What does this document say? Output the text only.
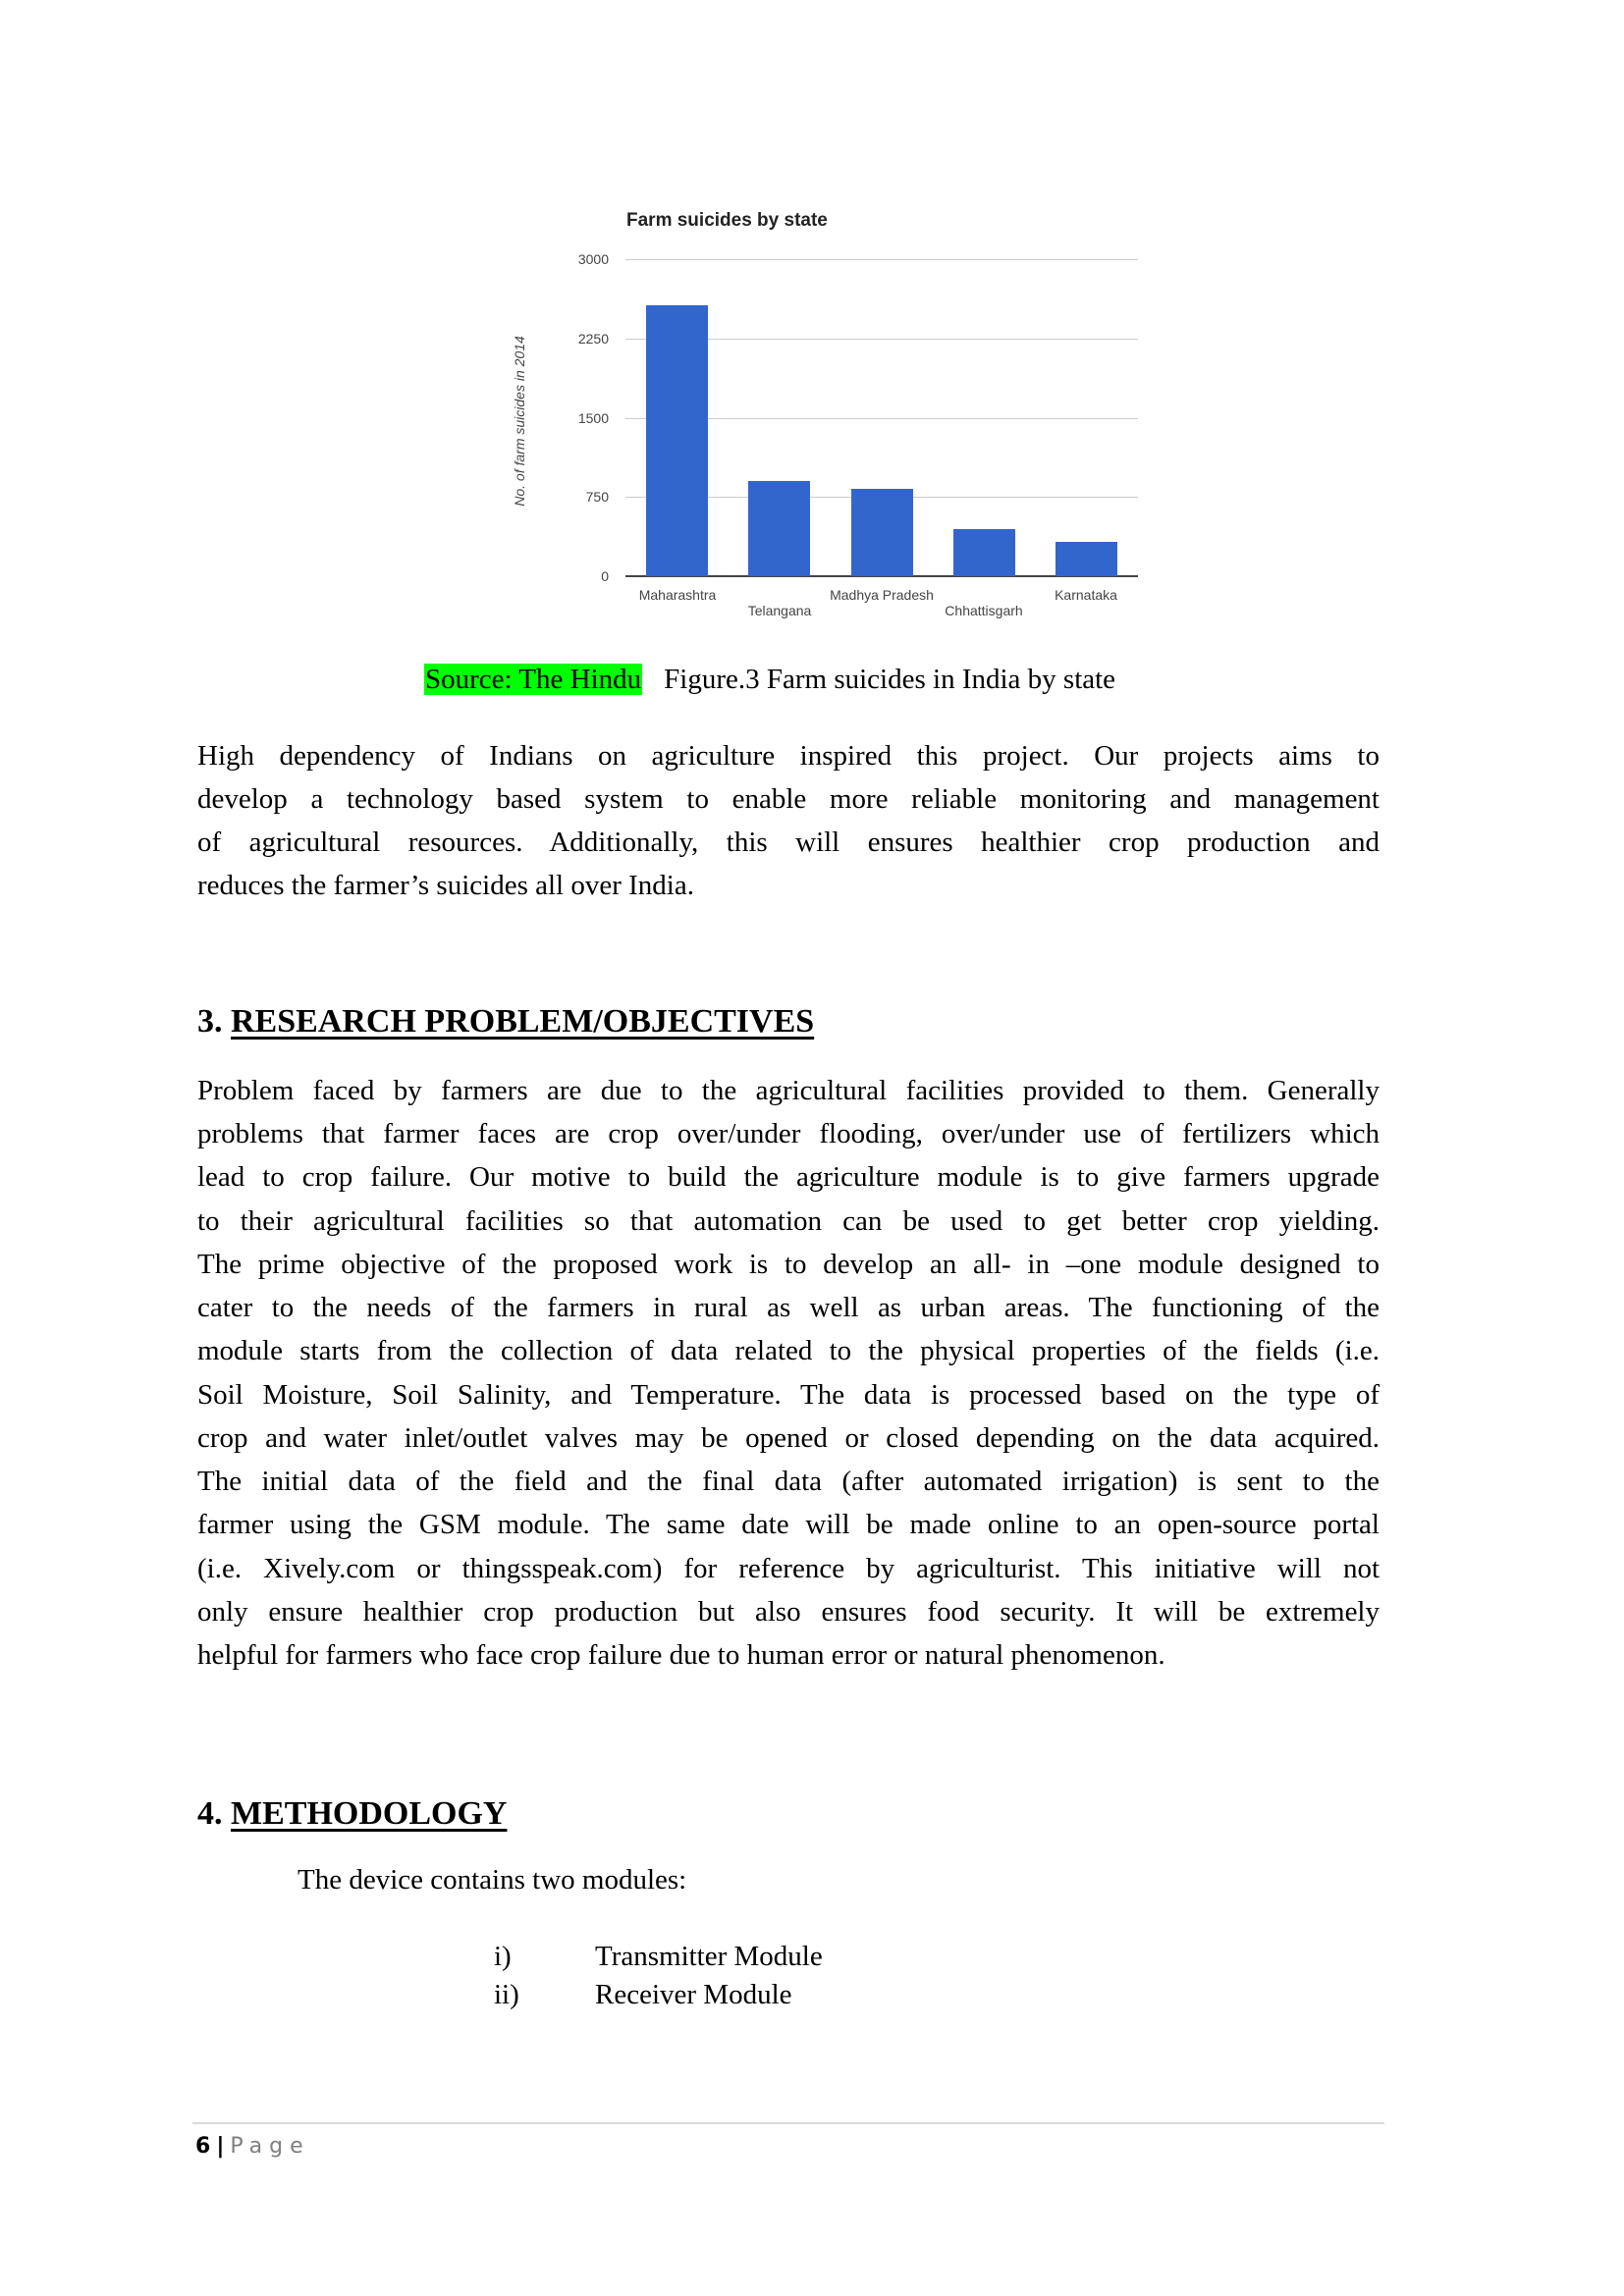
Farm suicides by state
3000
2250
1500
750
0
No. of farm suicides in 2014
Maharashtra
Telangana
Madhya Pradesh
Chhattisgarh
Karnataka
Source: The Hindu Figure.3 Farm suicides in India by state
High dependency of Indians on agriculture inspired this project. Our projects aims to
develop a technology based system to enable more reliable monitoring and management
of agricultural resources. Additionally, this will ensures healthier crop production and
reduces the farmer’s suicides all over India.
3. RESEARCH PROBLEM/OBJECTIVES
Problem faced by farmers are due to the agricultural facilities provided to them. Generally
problems that farmer faces are crop over/under flooding, over/under use of fertilizers which
lead to crop failure. Our motive to build the agriculture module is to give farmers upgrade
to their agricultural facilities so that automation can be used to get better crop yielding.
The prime objective of the proposed work is to develop an all- in –one module designed to
cater to the needs of the farmers in rural as well as urban areas. The functioning of the
module starts from the collection of data related to the physical properties of the fields (i.e.
Soil Moisture, Soil Salinity, and Temperature. The data is processed based on the type of
crop and water inlet/outlet valves may be opened or closed depending on the data acquired.
The initial data of the field and the final data (after automated irrigation) is sent to the
farmer using the GSM module. The same date will be made online to an open-source portal
(i.e. Xively.com or thingsspeak.com) for reference by agriculturist. This initiative will not
only ensure healthier crop production but also ensures food security. It will be extremely
helpful for farmers who face crop failure due to human error or natural phenomenon.
4. METHODOLOGY
The device contains two modules:
i)	Transmitter Module
ii)	Receiver Module
6 | Page
